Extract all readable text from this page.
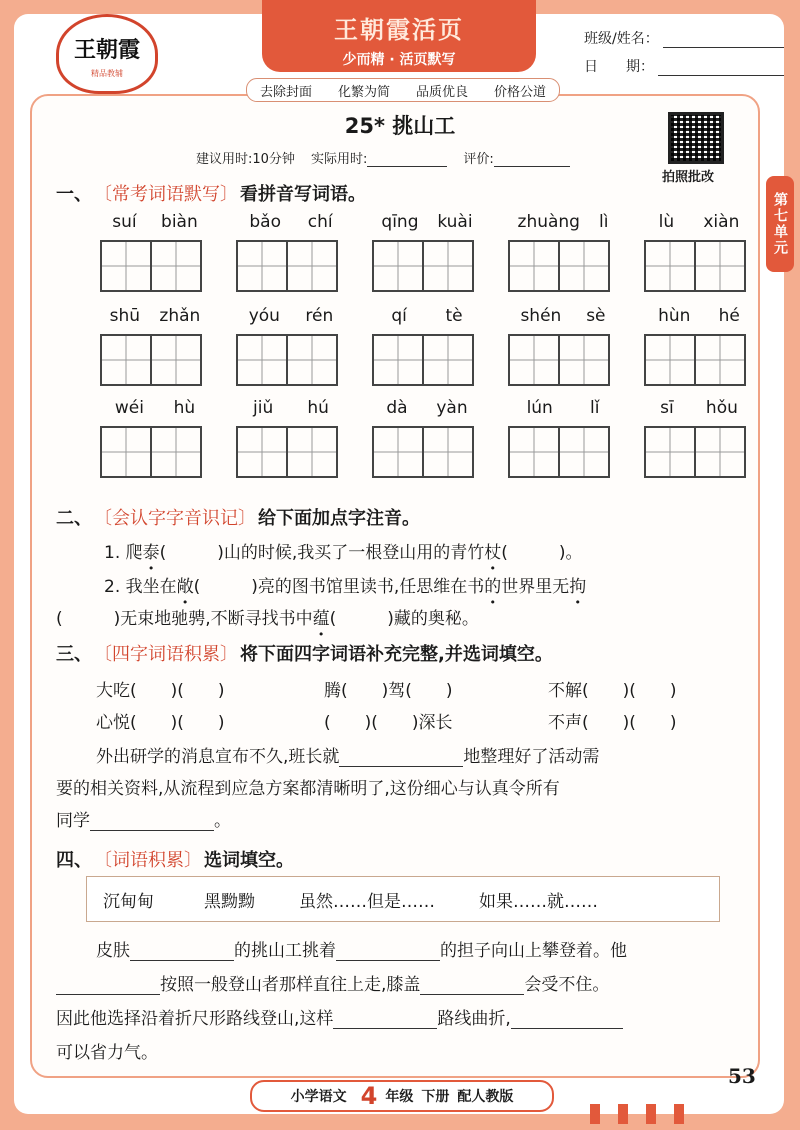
王朝霞
精品教辅
王朝霞活页
少而精 · 活页默写
去除封面 化繁为简 品质优良 价格公道
班级/姓名：
日　　期：
25* 挑山工
建议用时:10分钟 实际用时:	评价:
拍照批改
第七单元
一、 〔常考词语默写〕 看拼音写词语。
suí biàn	bǎo chí	qīng kuài	zhuàng lì	lù xiàn
shū zhǎn	yóu rén	qí tè	shén sè	hùn hé
wéi hù	jiǔ hú	dà yàn	lún lǐ	sī hǒu
二、 〔会认字字音识记〕 给下面加点字注音。
1. 爬泰(　　　)山的时候,我买了一根登山用的青竹杖(　　　)。
2. 我坐在敞(　　　)亮的图书馆里读书,任思维在书的世界里无拘
(　　　)无束地驰骋,不断寻找书中蕴(　　　)藏的奥秘。
三、 〔四字词语积累〕 将下面四字词语补充完整,并选词填空。
大吃(　　)(　　)	腾(　　)驾(　　)	不解(　　)(　　)
心悦(　　)(　　)	(　　)(　　)深长	不声(　　)(　　)
外出研学的消息宣布不久,班长就	地整理好了活动需
要的相关资料,从流程到应急方案都清晰明了,这份细心与认真令所有
同学	。
四、 〔词语积累〕 选词填空。
沉甸甸	黑黝黝	虽然……但是……	如果……就……
皮肤	的挑山工挑着	的担子向山上攀登着。他
按照一般登山者那样直往上走,膝盖	会受不住。
因此他选择沿着折尺形路线登山,这样	路线曲折,
可以省力气。
53
小学语文 4 年级 下册 配人教版
